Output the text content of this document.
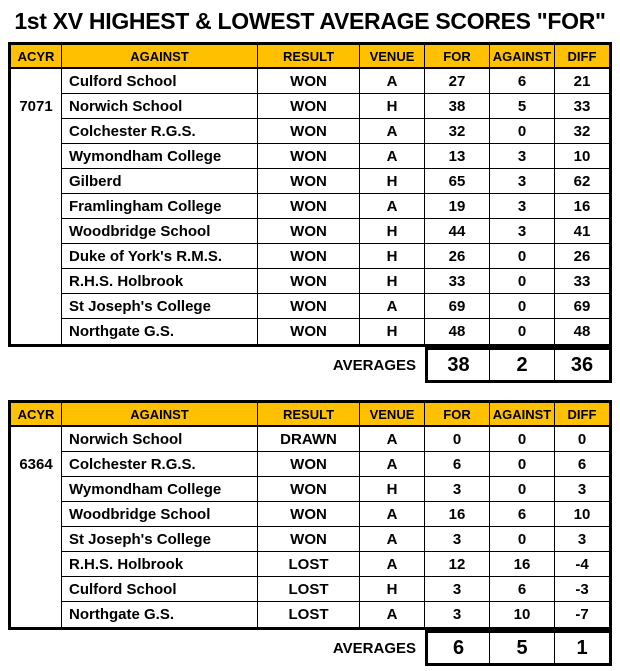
1st XV HIGHEST & LOWEST AVERAGE SCORES "FOR"
ACYR	AGAINST	RESULT	VENUE	FOR	AGAINST	DIFF
7071
Culford School	WON	A	27	6	21
Norwich School	WON	H	38	5	33
Colchester R.G.S.	WON	A	32	0	32
Wymondham College	WON	A	13	3	10
Gilberd	WON	H	65	3	62
Framlingham College	WON	A	19	3	16
Woodbridge School	WON	H	44	3	41
Duke of York's R.M.S.	WON	H	26	0	26
R.H.S. Holbrook	WON	H	33	0	33
St Joseph's College	WON	A	69	0	69
Northgate G.S.	WON	H	48	0	48
AVERAGES	38	2	36
ACYR	AGAINST	RESULT	VENUE	FOR	AGAINST	DIFF
6364
Norwich School	DRAWN	A	0	0	0
Colchester R.G.S.	WON	A	6	0	6
Wymondham College	WON	H	3	0	3
Woodbridge School	WON	A	16	6	10
St Joseph's College	WON	A	3	0	3
R.H.S. Holbrook	LOST	A	12	16	-4
Culford School	LOST	H	3	6	-3
Northgate G.S.	LOST	A	3	10	-7
AVERAGES	6	5	1
